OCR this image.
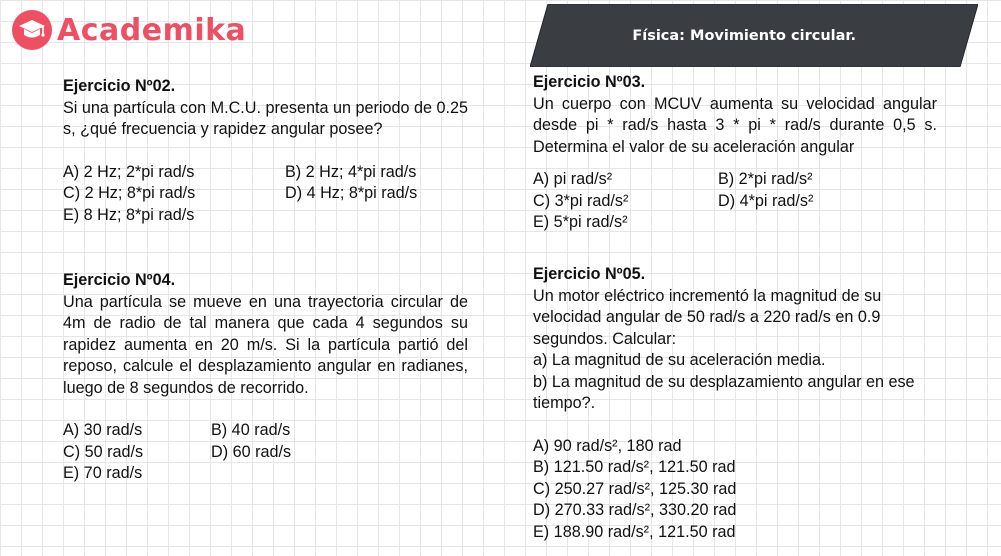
Academika	Física: Movimiento circular.
Ejercicio Nº02.
Si una partícula con M.C.U. presenta un periodo de 0.25 s, ¿qué frecuencia y rapidez angular posee?
A) 2 Hz; 2*pi rad/s	B) 2 Hz; 4*pi rad/s
C) 2 Hz; 8*pi rad/s	D) 4 Hz; 8*pi rad/s
E) 8 Hz; 8*pi rad/s
Ejercicio Nº03.
Un cuerpo con MCUV aumenta su velocidad angular desde pi * rad/s hasta 3 * pi * rad/s durante 0,5 s. Determina el valor de su aceleración angular
A) pi rad/s²	B) 2*pi rad/s²
C) 3*pi rad/s²	D) 4*pi rad/s²
E) 5*pi rad/s²
Ejercicio Nº04.
Una partícula se mueve en una trayectoria circular de 4m de radio de tal manera que cada 4 segundos su rapidez aumenta en 20 m/s. Si la partícula partió del reposo, calcule el desplazamiento angular en radianes, luego de 8 segundos de recorrido.
A) 30 rad/s	B) 40 rad/s
C) 50 rad/s	D) 60 rad/s
E) 70 rad/s
Ejercicio Nº05.
Un motor eléctrico incrementó la magnitud de su velocidad angular de 50 rad/s a 220 rad/s en 0.9 segundos. Calcular:
a) La magnitud de su aceleración media.
b) La magnitud de su desplazamiento angular en ese tiempo?.
A) 90 rad/s², 180 rad
B) 121.50 rad/s², 121.50 rad
C) 250.27 rad/s², 125.30 rad
D) 270.33 rad/s², 330.20 rad
E) 188.90 rad/s², 121.50 rad
